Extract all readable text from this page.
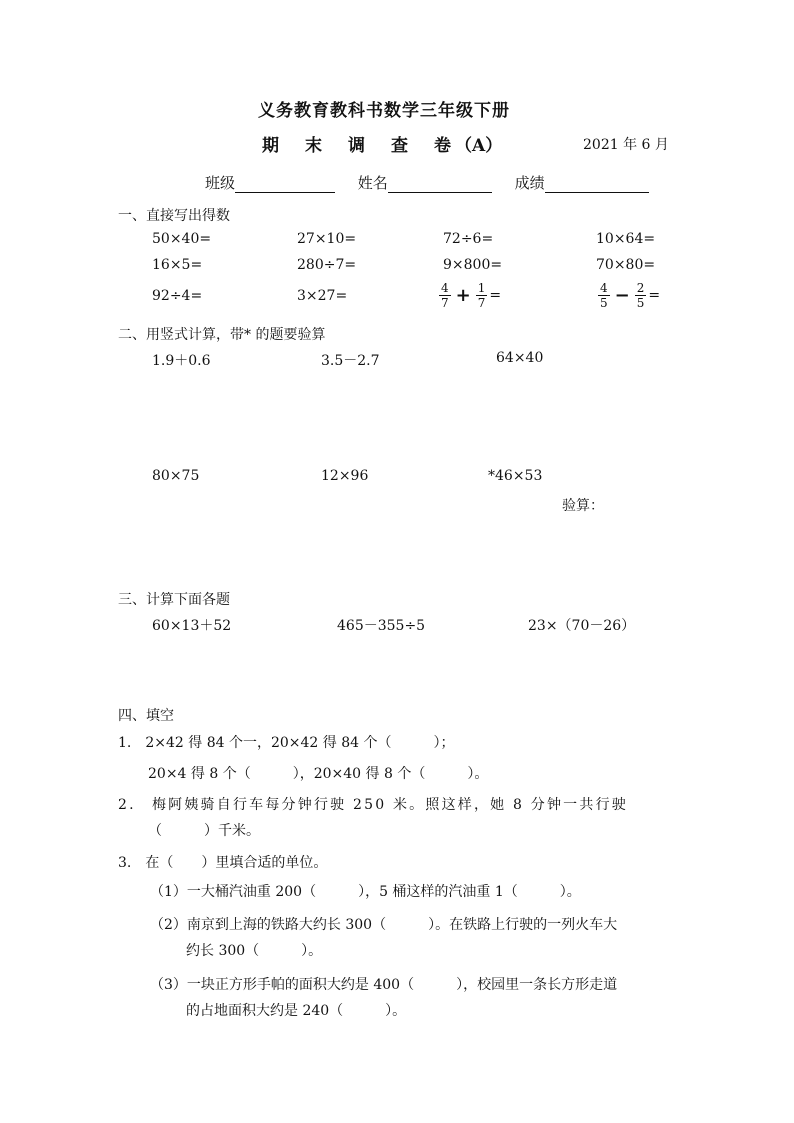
义务教育教科书数学三年级下册
期 末 调 查 卷 （A）	2021 年 6 月
班级	姓名	成绩
一、直接写出得数
50×40=	27×10=	72÷6=	10×64=
16×5=	280÷7=	9×800=	70×80=
92÷4=	3×27=	$\frac{4}{7} + \frac{1}{7}$ =	$\frac{4}{5} - \frac{2}{5}$ =
二、用竖式计算，带* 的题要验算
1.9＋0.6	3.5－2.7	64×40
80×75	12×96	*46×53
验算：
三、计算下面各题
60×13＋52	465－355÷5	23×（70－26）
四、填空
1.　2×42 得 84 个一，20×42 得 84 个（　　　）；
20×4 得 8 个（　　　），20×40 得 8 个（　　　）。
2.　梅阿姨骑自行车每分钟行驶 250 米。照这样，她 8 分钟一共行驶
（　　　）千米。
3.　在（　　）里填合适的单位。
（1）一大桶汽油重 200（　　　），5 桶这样的汽油重 1（　　　）。
（2）南京到上海的铁路大约长 300（　　　）。在铁路上行驶的一列火车大
约长 300（　　　）。
（3）一块正方形手帕的面积大约是 400（　　　），校园里一条长方形走道
的占地面积大约是 240（　　　）。
